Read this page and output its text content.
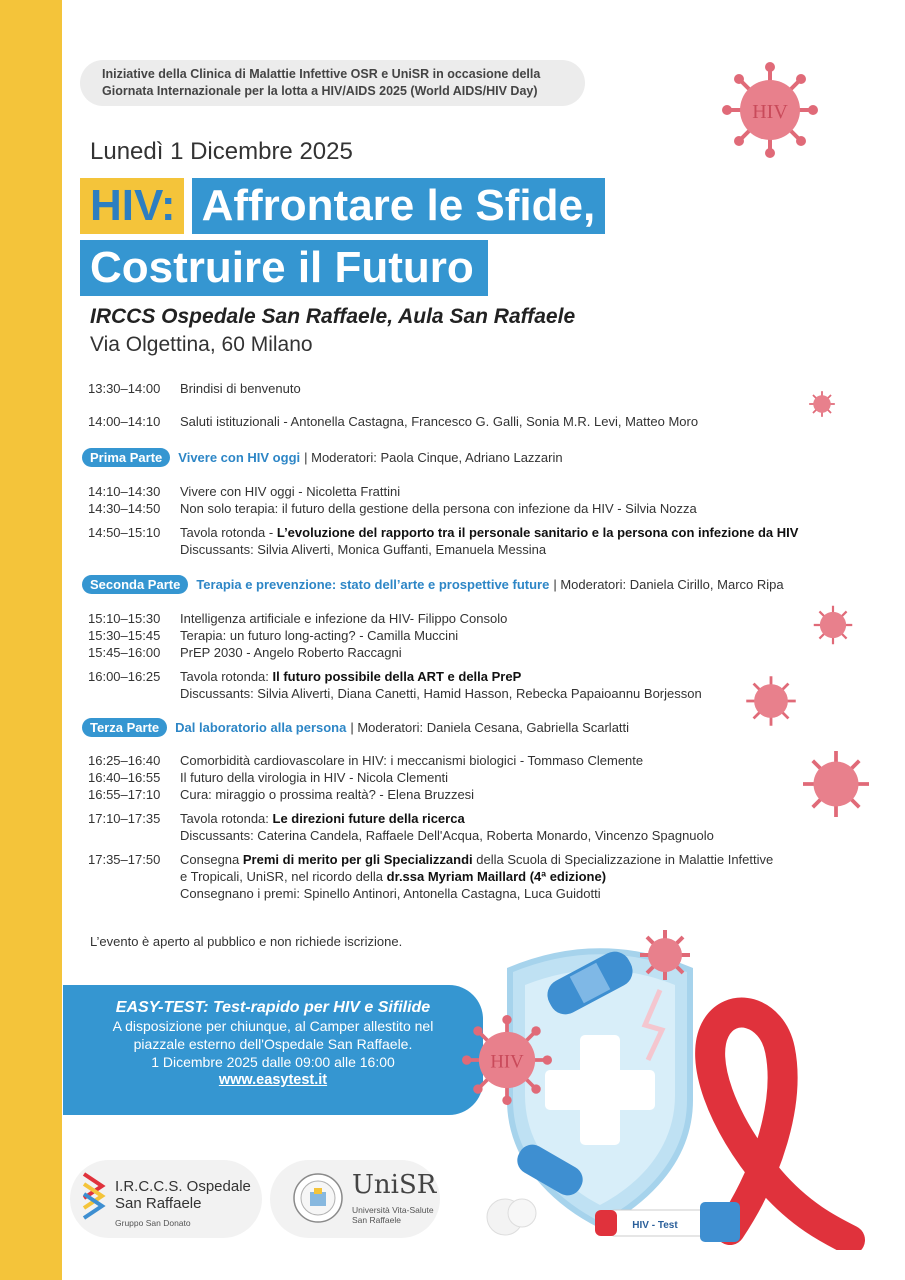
Iniziative della Clinica di Malattie Infettive OSR e UniSR in occasione della
Giornata Internazionale per la lotta a HIV/AIDS 2025 (World AIDS/HIV Day)
HIV
Lunedì 1 Dicembre 2025
HIV: Affrontare le Sfide,
Costruire il Futuro
IRCCS Ospedale San Raffaele, Aula San Raffaele
Via Olgettina, 60 Milano
13:30–14:00	Brindisi di benvenuto
14:00–14:10	Saluti istituzionali - Antonella Castagna, Francesco G. Galli, Sonia M.R. Levi, Matteo Moro
Prima Parte	Vivere con HIV oggi | Moderatori: Paola Cinque, Adriano Lazzarin
14:10–14:30	Vivere con HIV oggi - Nicoletta Frattini
14:30–14:50	Non solo terapia: il futuro della gestione della persona con infezione da HIV - Silvia Nozza
14:50–15:10	Tavola rotonda - L’evoluzione del rapporto tra il personale sanitario e la persona con infezione da HIV
Discussants: Silvia Aliverti, Monica Guffanti, Emanuela Messina
Seconda Parte	Terapia e prevenzione: stato dell’arte e prospettive future | Moderatori: Daniela Cirillo, Marco Ripa
15:10–15:30	Intelligenza artificiale e infezione da HIV- Filippo Consolo
15:30–15:45	Terapia: un futuro long-acting? - Camilla Muccini
15:45–16:00	PrEP 2030 - Angelo Roberto Raccagni
16:00–16:25	Tavola rotonda: Il futuro possibile della ART e della PreP
Discussants: Silvia Aliverti, Diana Canetti, Hamid Hasson, Rebecka Papaioannu Borjesson
Terza Parte	Dal laboratorio alla persona | Moderatori: Daniela Cesana, Gabriella Scarlatti
16:25–16:40	Comorbidità cardiovascolare in HIV: i meccanismi biologici - Tommaso Clemente
16:40–16:55	Il futuro della virologia in HIV - Nicola Clementi
16:55–17:10	Cura: miraggio o prossima realtà? - Elena Bruzzesi
17:10–17:35	Tavola rotonda: Le direzioni future della ricerca
Discussants: Caterina Candela, Raffaele Dell'Acqua, Roberta Monardo, Vincenzo Spagnuolo
17:35–17:50	Consegna Premi di merito per gli Specializzandi della Scuola di Specializzazione in Malattie Infettive
e Tropicali, UniSR, nel ricordo della dr.ssa Myriam Maillard (4ª edizione)
Consegnano i premi: Spinello Antinori, Antonella Castagna, Luca Guidotti
L’evento è aperto al pubblico e non richiede iscrizione.
HIV - Test
EASY-TEST: Test-rapido per HIV e Sifilide
A disposizione per chiunque, al Camper allestito nel
piazzale esterno dell'Ospedale San Raffaele.
1 Dicembre 2025 dalle 09:00 alle 16:00
www.easytest.it
HIV
I.R.C.C.S. Ospedale
San Raffaele
Gruppo San Donato
UniSR
Università Vita-Salute
San Raffaele
